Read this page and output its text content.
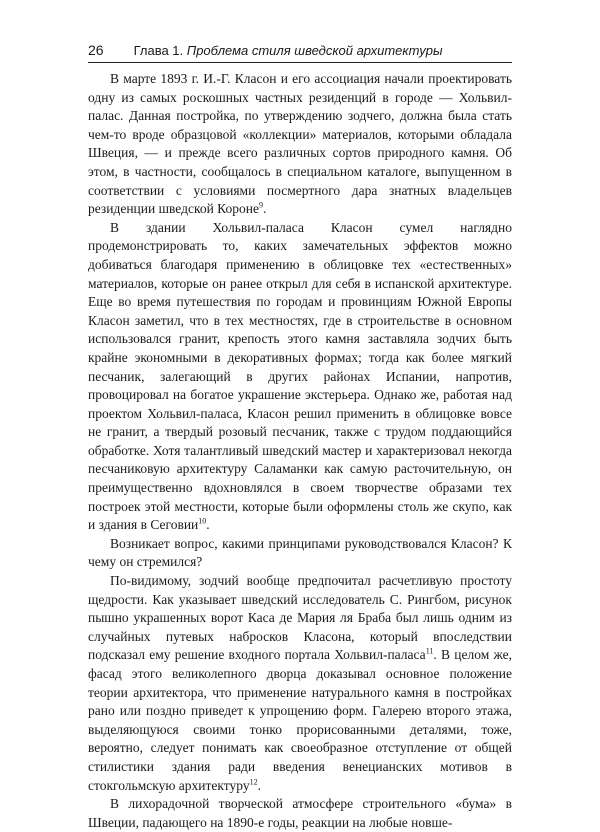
26 Глава 1. Проблема стиля шведской архитектуры

В марте 1893 г. И.-Г. Класон и его ассоциация начали проектировать одну из самых роскошных частных резиденций в городе — Хольвил-палас. Данная постройка, по утверждению зодчего, должна была стать чем-то вроде образцовой «коллекции» материалов, которыми обладала Швеция, — и прежде всего различных сортов природного камня. Об этом, в частности, сообщалось в специальном каталоге, выпущенном в соответствии с условиями посмертного дара знатных владельцев резиденции шведской Короне$^9$.

В здании Хольвил-паласа Класон сумел наглядно продемонстрировать то, каких замечательных эффектов можно добиваться благодаря применению в облицовке тех «естественных» материалов, которые он ранее открыл для себя в испанской архитектуре. Еще во время путешествия по городам и провинциям Южной Европы Класон заметил, что в тех местностях, где в строительстве в основном использовался гранит, крепость этого камня заставляла зодчих быть крайне экономными в декоративных формах; тогда как более мягкий песчаник, залегающий в других районах Испании, напротив, провоцировал на богатое украшение экстерьера. Однако же, работая над проектом Хольвил-паласа, Класон решил применить в облицовке вовсе не гранит, а твердый розовый песчаник, также с трудом поддающийся обработке. Хотя талантливый шведский мастер и характеризовал некогда песчаниковую архитектуру Саламанки как самую расточительную, он преимущественно вдохновлялся в своем творчестве образами тех построек этой местности, которые были оформлены столь же скупо, как и здания в Сеговии$^{10}$.

Возникает вопрос, какими принципами руководствовался Класон? К чему он стремился?

По-видимому, зодчий вообще предпочитал расчетливую простоту щедрости. Как указывает шведский исследователь С. Рингбом, рисунок пышно украшенных ворот Каса де Мария ля Браба был лишь одним из случайных путевых набросков Класона, который впоследствии подсказал ему решение входного портала Хольвил-паласа$^{11}$. В целом же, фасад этого великолепного дворца доказывал основное положение теории архитектора, что применение натурального камня в постройках рано или поздно приведет к упрощению форм. Галерею второго этажа, выделяющуюся своими тонко прорисованными деталями, тоже, вероятно, следует понимать как своеобразное отступление от общей стилистики здания ради введения венецианских мотивов в стокгольмскую архитектуру$^{12}$.

В лихорадочной творческой атмосфере строительного «бума» в Швеции, падающего на 1890-е годы, реакции на любые новше-
